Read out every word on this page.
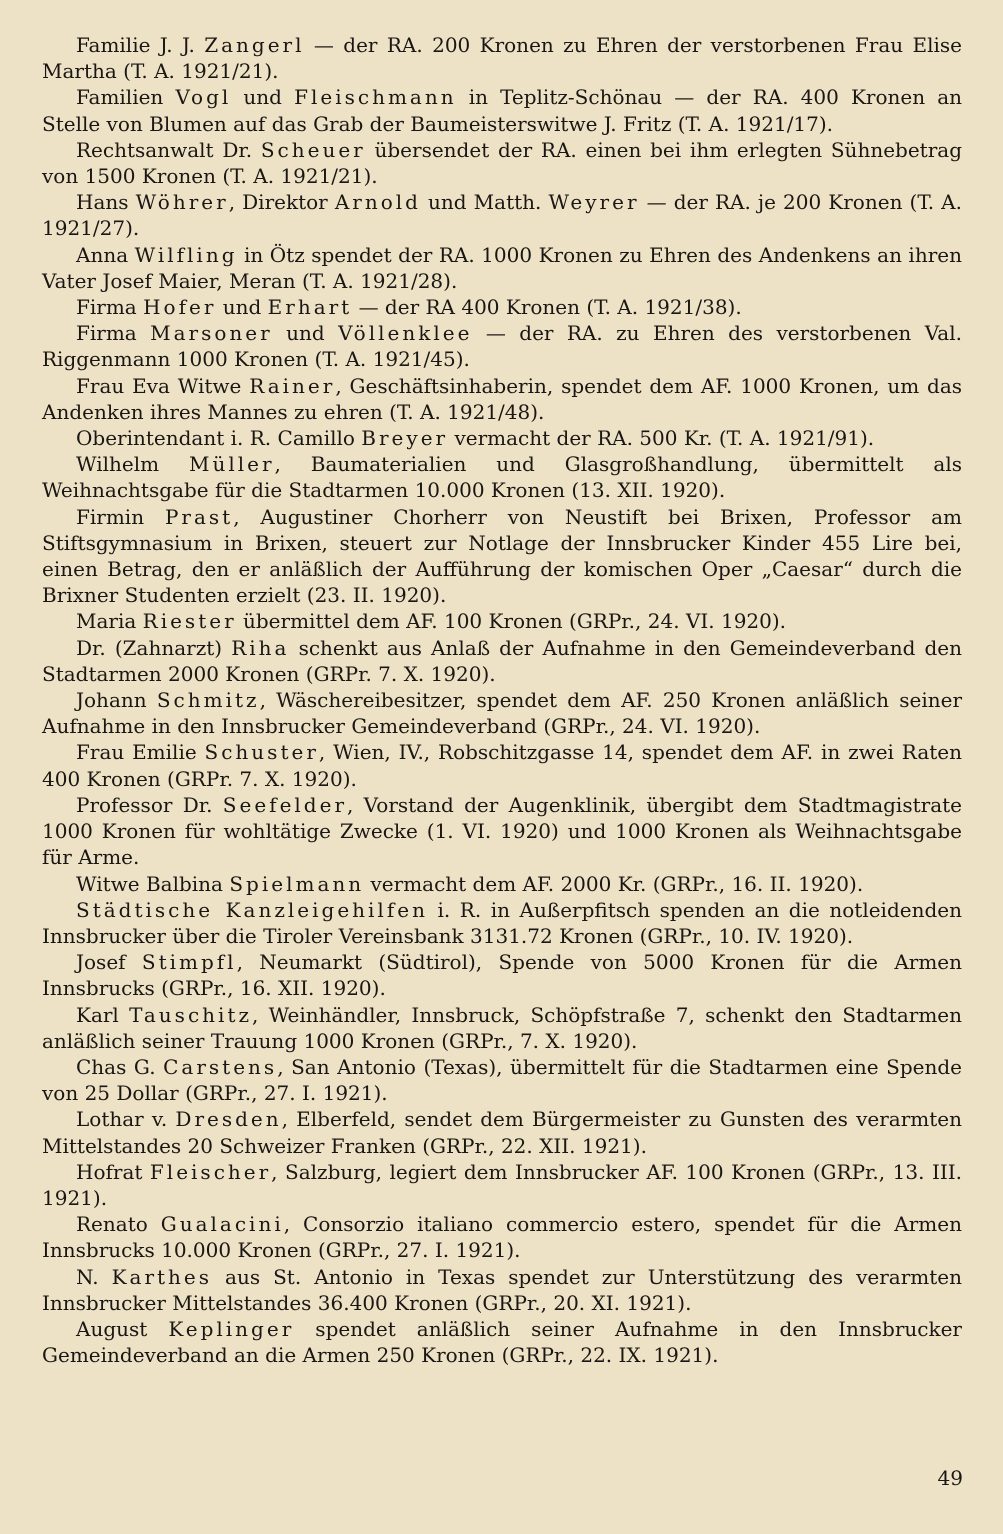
Familie J. J. Zangerl — der RA. 200 Kronen zu Ehren der verstorbenen Frau Elise Martha (T. A. 1921/21).

Familien Vogl und Fleischmann in Teplitz-Schönau — der RA. 400 Kronen an Stelle von Blumen auf das Grab der Baumeisterswitwe J. Fritz (T. A. 1921/17).

Rechtsanwalt Dr. Scheuer übersendet der RA. einen bei ihm erlegten Sühnebetrag von 1500 Kronen (T. A. 1921/21).

Hans Wöhrer, Direktor Arnold und Matth. Weyrer — der RA. je 200 Kronen (T. A. 1921/27).

Anna Wilfling in Ötz spendet der RA. 1000 Kronen zu Ehren des Andenkens an ihren Vater Josef Maier, Meran (T. A. 1921/28).

Firma Hofer und Erhart — der RA 400 Kronen (T. A. 1921/38).

Firma Marsoner und Völlenklee — der RA. zu Ehren des verstorbenen Val. Riggenmann 1000 Kronen (T. A. 1921/45).

Frau Eva Witwe Rainer, Geschäftsinhaberin, spendet dem AF. 1000 Kronen, um das Andenken ihres Mannes zu ehren (T. A. 1921/48).

Oberintendant i. R. Camillo Breyer vermacht der RA. 500 Kr. (T. A. 1921/91).

Wilhelm Müller, Baumaterialien und Glasgroßhandlung, übermittelt als Weihnachtsgabe für die Stadtarmen 10.000 Kronen (13. XII. 1920).

Firmin Prast, Augustiner Chorherr von Neustift bei Brixen, Professor am Stiftsgymnasium in Brixen, steuert zur Notlage der Innsbrucker Kinder 455 Lire bei, einen Betrag, den er anläßlich der Aufführung der komischen Oper „Caesar“ durch die Brixner Studenten erzielt (23. II. 1920).

Maria Riester übermittel dem AF. 100 Kronen (GRPr., 24. VI. 1920).

Dr. (Zahnarzt) Riha schenkt aus Anlaß der Aufnahme in den Gemeindeverband den Stadtarmen 2000 Kronen (GRPr. 7. X. 1920).

Johann Schmitz, Wäschereibesitzer, spendet dem AF. 250 Kronen anläßlich seiner Aufnahme in den Innsbrucker Gemeindeverband (GRPr., 24. VI. 1920).

Frau Emilie Schuster, Wien, IV., Robschitzgasse 14, spendet dem AF. in zwei Raten 400 Kronen (GRPr. 7. X. 1920).

Professor Dr. Seefelder, Vorstand der Augenklinik, übergibt dem Stadtmagistrate 1000 Kronen für wohltätige Zwecke (1. VI. 1920) und 1000 Kronen als Weihnachtsgabe für Arme.

Witwe Balbina Spielmann vermacht dem AF. 2000 Kr. (GRPr., 16. II. 1920).

Städtische Kanzleigehilfen i. R. in Außerpfitsch spenden an die notleidenden Innsbrucker über die Tiroler Vereinsbank 3131.72 Kronen (GRPr., 10. IV. 1920).

Josef Stimpfl, Neumarkt (Südtirol), Spende von 5000 Kronen für die Armen Innsbrucks (GRPr., 16. XII. 1920).

Karl Tauschitz, Weinhändler, Innsbruck, Schöpfstraße 7, schenkt den Stadtarmen anläßlich seiner Trauung 1000 Kronen (GRPr., 7. X. 1920).

Chas G. Carstens, San Antonio (Texas), übermittelt für die Stadtarmen eine Spende von 25 Dollar (GRPr., 27. I. 1921).

Lothar v. Dresden, Elberfeld, sendet dem Bürgermeister zu Gunsten des verarmten Mittelstandes 20 Schweizer Franken (GRPr., 22. XII. 1921).

Hofrat Fleischer, Salzburg, legiert dem Innsbrucker AF. 100 Kronen (GRPr., 13. III. 1921).

Renato Gualacini, Consorzio italiano commercio estero, spendet für die Armen Innsbrucks 10.000 Kronen (GRPr., 27. I. 1921).

N. Karthes aus St. Antonio in Texas spendet zur Unterstützung des verarmten Innsbrucker Mittelstandes 36.400 Kronen (GRPr., 20. XI. 1921).

August Keplinger spendet anläßlich seiner Aufnahme in den Innsbrucker Gemeindeverband an die Armen 250 Kronen (GRPr., 22. IX. 1921).

49
